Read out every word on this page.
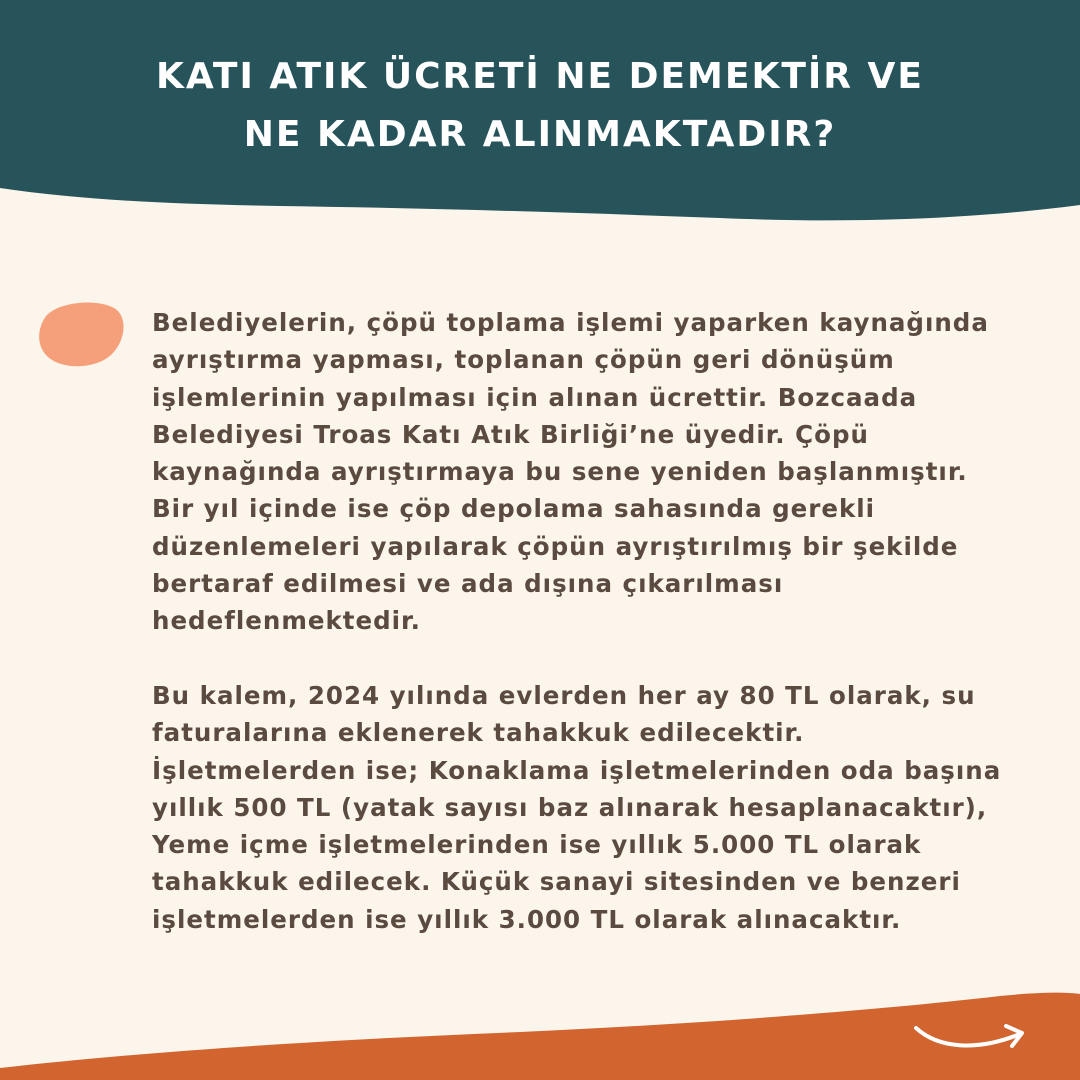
KATI ATIK ÜCRETİ NE DEMEKTİR VE
NE KADAR ALINMAKTADIR?
Belediyelerin, çöpü toplama işlemi yaparken kaynağında
ayrıştırma yapması, toplanan çöpün geri dönüşüm
işlemlerinin yapılması için alınan ücrettir. Bozcaada
Belediyesi Troas Katı Atık Birliği’ne üyedir. Çöpü
kaynağında ayrıştırmaya bu sene yeniden başlanmıştır.
Bir yıl içinde ise çöp depolama sahasında gerekli
düzenlemeleri yapılarak çöpün ayrıştırılmış bir şekilde
bertaraf edilmesi ve ada dışına çıkarılması
hedeflenmektedir.
Bu kalem, 2024 yılında evlerden her ay 80 TL olarak, su
faturalarına eklenerek tahakkuk edilecektir.
İşletmelerden ise; Konaklama işletmelerinden oda başına
yıllık 500 TL (yatak sayısı baz alınarak hesaplanacaktır),
Yeme içme işletmelerinden ise yıllık 5.000 TL olarak
tahakkuk edilecek. Küçük sanayi sitesinden ve benzeri
işletmelerden ise yıllık 3.000 TL olarak alınacaktır.
